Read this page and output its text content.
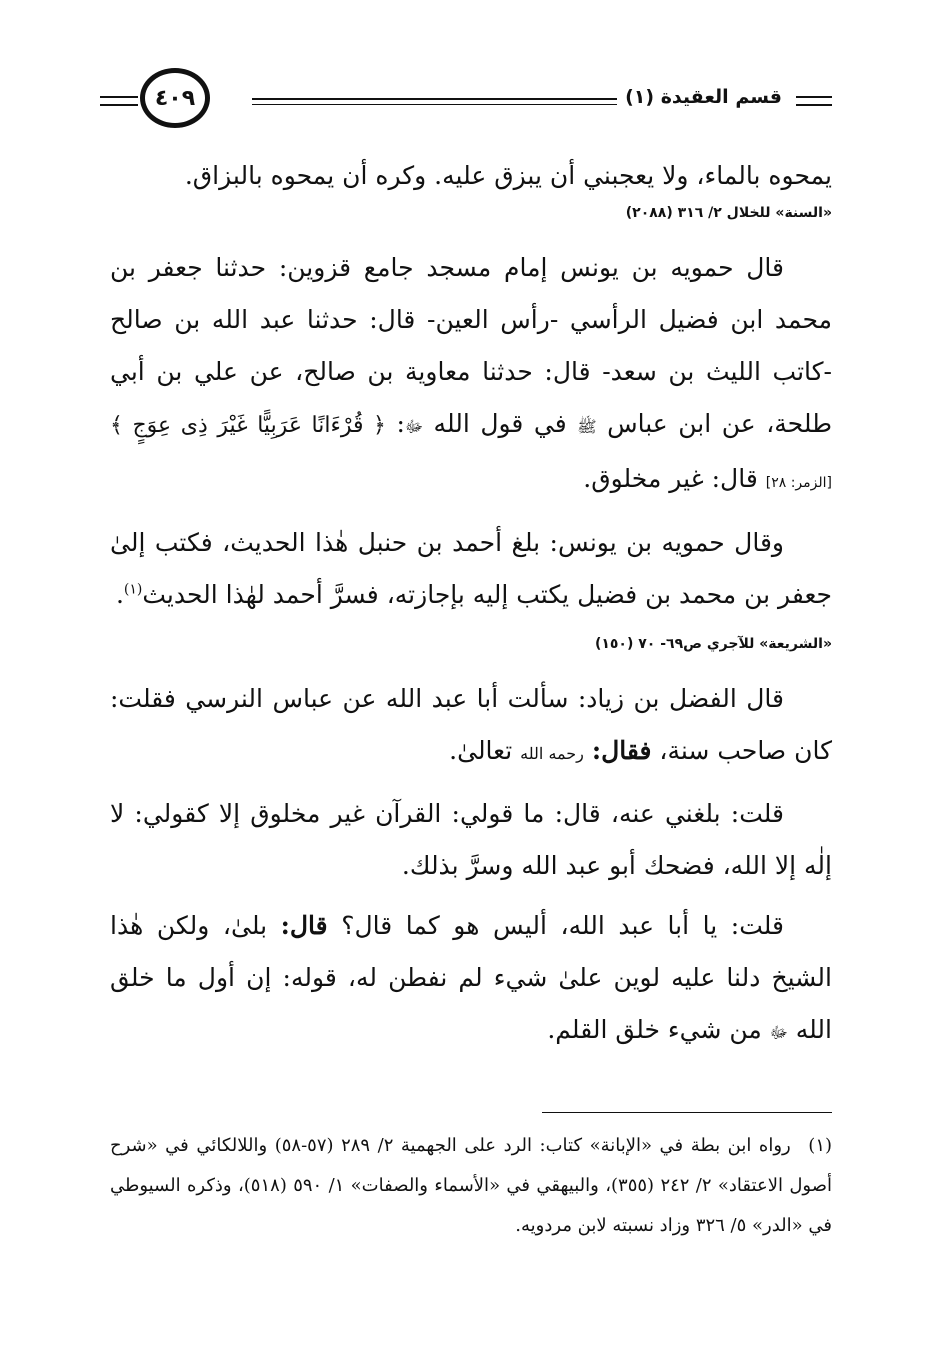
قسم العقيدة (١)
٤٠٩

يمحوه بالماء، ولا يعجبني أن يبزق عليه. وكره أن يمحوه بالبزاق.

«السنة» للخلال ٢/ ٣١٦ (٢٠٨٨)

قال حمويه بن يونس إمام مسجد جامع قزوين: حدثنا جعفر بن محمد ابن فضيل الرأسي -رأس العين- قال: حدثنا عبد الله بن صالح -كاتب الليث بن سعد- قال: حدثنا معاوية بن صالح، عن علي بن أبي طلحة، عن ابن عباس ﷺ في قول الله ﷻ: ﴿ قُرْءَانًا عَرَبِيًّا غَيْرَ ذِى عِوَجٍ ﴾ [الزمر: ٢٨] قال: غير مخلوق.

وقال حمويه بن يونس: بلغ أحمد بن حنبل هٰذا الحديث، فكتب إلىٰ جعفر بن محمد بن فضيل يكتب إليه بإجازته، فسرَّ أحمد لهٰذا الحديث$^{(١)}$.

«الشريعة» للآجري ص٦٩- ٧٠ (١٥٠)

قال الفضل بن زياد: سألت أبا عبد الله عن عباس النرسي فقلت: كان صاحب سنة، فقال: رحمه الله تعالىٰ.

قلت: بلغني عنه، قال: ما قولي: القرآن غير مخلوق إلا كقولي: لا إلٰه إلا الله، فضحك أبو عبد الله وسرَّ بذلك.

قلت: يا أبا عبد الله، أليس هو كما قال؟ قال: بلىٰ، ولكن هٰذا الشيخ دلنا عليه لوين علىٰ شيء لم نفطن له، قوله: إن أول ما خلق الله ﷻ من شيء خلق القلم.

(١) رواه ابن بطة في «الإبانة» كتاب: الرد على الجهمية ٢/ ٢٨٩ (٥٧-٥٨) واللالكائي في «شرح أصول الاعتقاد» ٢/ ٢٤٢ (٣٥٥)، والبيهقي في «الأسماء والصفات» ١/ ٥٩٠ (٥١٨)، وذكره السيوطي في «الدر» ٥/ ٣٢٦ وزاد نسبته لابن مردويه.
